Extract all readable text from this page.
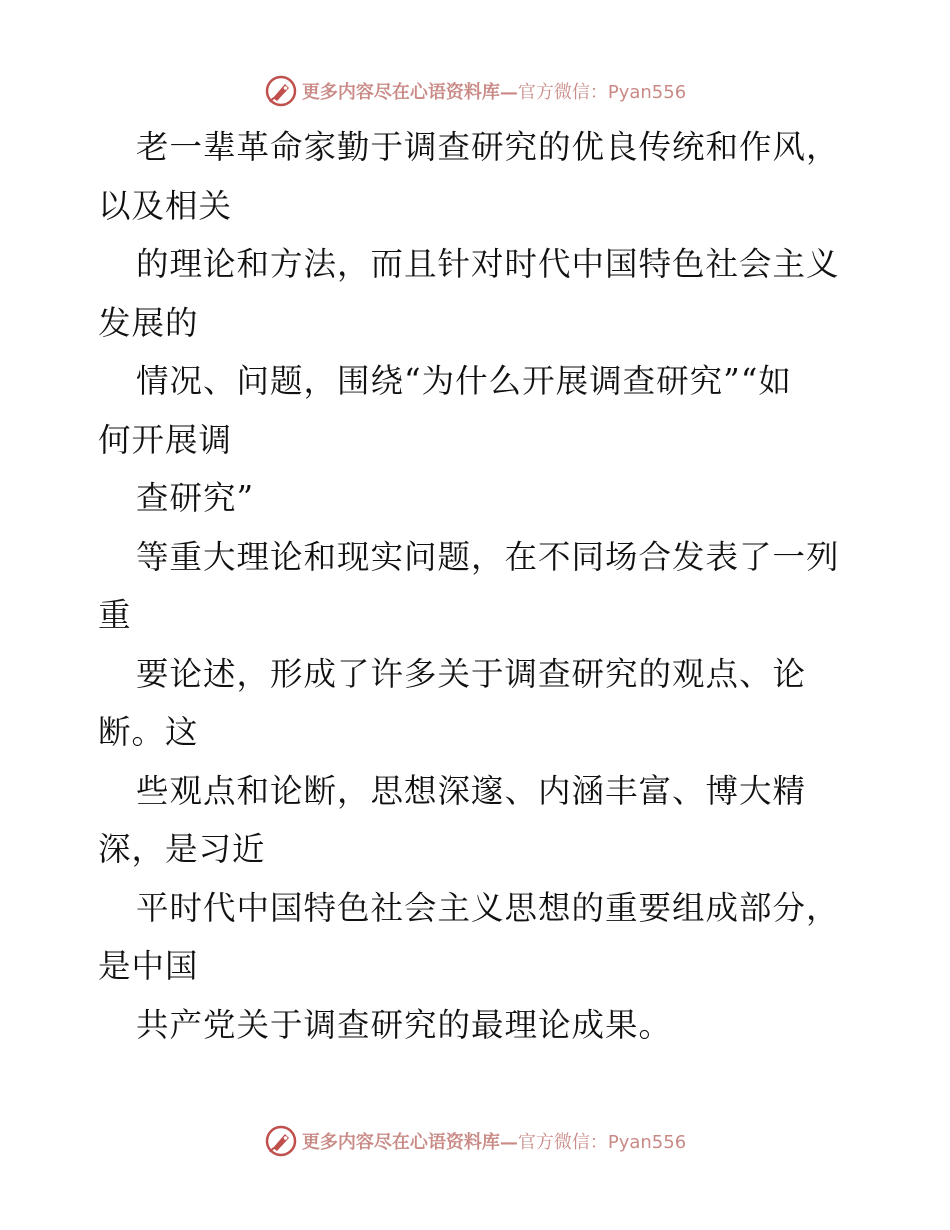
更多内容尽在心语资料库—官方微信：Pyan556
老一辈革命家勤于调查研究的优良传统和作风，
以及相关
的理论和方法，而且针对时代中国特色社会主义
发展的
情况、问题，围绕“为什么开展调查研究”“如
何开展调
查研究”
等重大理论和现实问题，在不同场合发表了一列
重
要论述，形成了许多关于调查研究的观点、论
断。这
些观点和论断，思想深邃、内涵丰富、博大精
深，是习近
平时代中国特色社会主义思想的重要组成部分，
是中国
共产党关于调查研究的最理论成果。
更多内容尽在心语资料库—官方微信：Pyan556
